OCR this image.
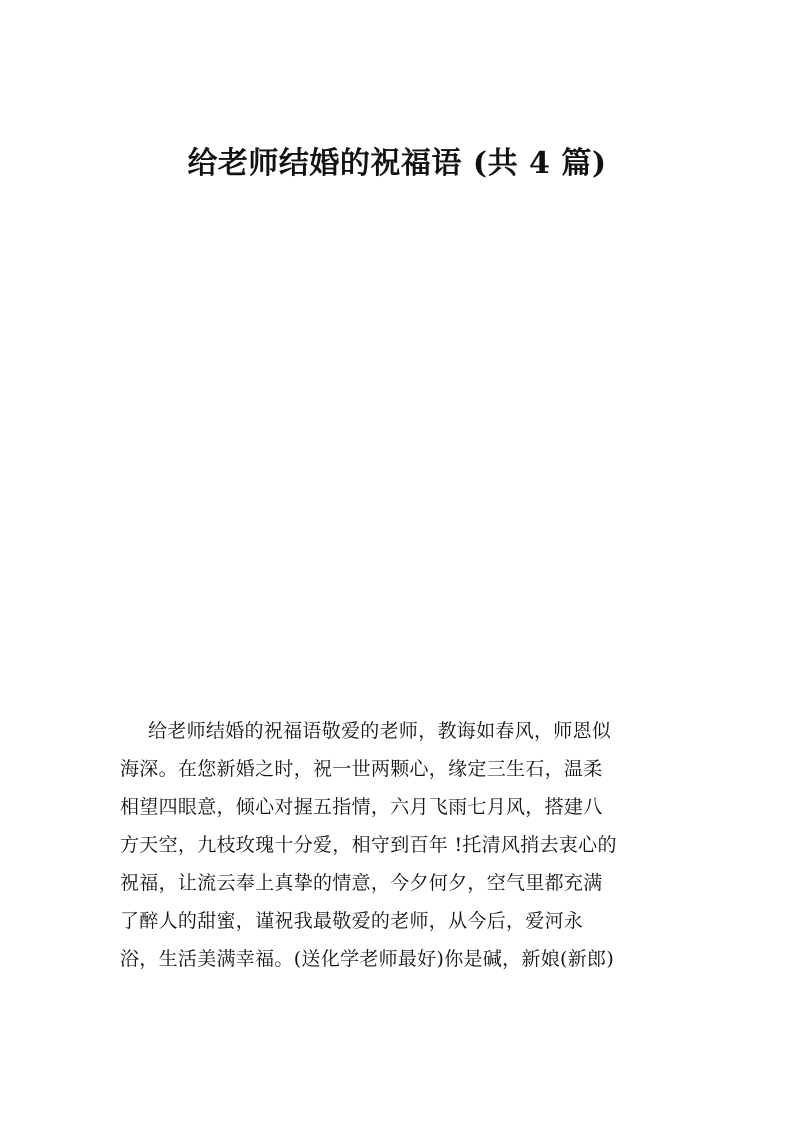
给老师结婚的祝福语 (共 4 篇)
给老师结婚的祝福语敬爱的老师，教诲如春风，师恩似
海深。在您新婚之时，祝一世两颗心，缘定三生石，温柔
相望四眼意，倾心对握五指情，六月飞雨七月风，搭建八
方天空，九枝玫瑰十分爱，相守到百年 !托清风捎去衷心的
祝福，让流云奉上真挚的情意，今夕何夕，空气里都充满
了醉人的甜蜜，谨祝我最敬爱的老师，从今后，爱河永
浴，生活美满幸福。(送化学老师最好)你是碱，新娘(新郎)
